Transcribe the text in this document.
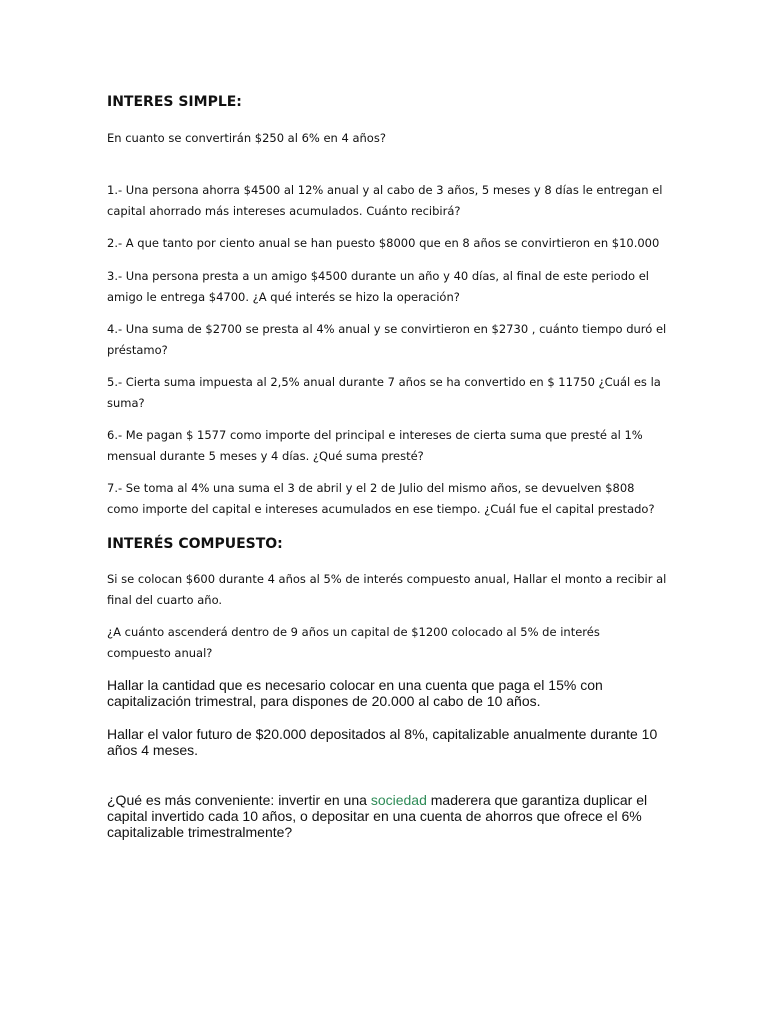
INTERES SIMPLE:

En cuanto se convertirán $250 al 6% en 4 años?

1.- Una persona ahorra $4500 al 12% anual y al cabo de 3 años, 5 meses y 8 días le entregan el capital ahorrado más intereses acumulados. Cuánto recibirá?

2.- A que tanto por ciento anual se han puesto $8000 que en 8 años se convirtieron en $10.000

3.- Una persona presta a un amigo $4500 durante un año y 40 días, al final de este periodo el amigo le entrega $4700. ¿A qué interés se hizo la operación?

4.- Una suma de $2700 se presta al 4% anual y se convirtieron en $2730 , cuánto tiempo duró el préstamo?

5.- Cierta suma impuesta al 2,5% anual durante 7 años se ha convertido en $ 11750 ¿Cuál es la suma?

6.- Me pagan $ 1577 como importe del principal e intereses de cierta suma que presté al 1% mensual durante 5 meses y 4 días. ¿Qué suma presté?

7.- Se toma al 4% una suma el 3 de abril y el 2 de Julio del mismo años, se devuelven $808 como importe del capital e intereses acumulados en ese tiempo. ¿Cuál fue el capital prestado?

INTERÉS COMPUESTO:

Si se colocan $600 durante 4 años al 5% de interés compuesto anual, Hallar el monto a recibir al final del cuarto año.

¿A cuánto ascenderá dentro de 9 años un capital de $1200 colocado al 5% de interés compuesto anual?

Hallar la cantidad que es necesario colocar en una cuenta que paga el 15% con capitalización trimestral, para dispones de 20.000 al cabo de 10 años.

Hallar el valor futuro de $20.000 depositados al 8%, capitalizable anualmente durante 10 años 4 meses.

¿Qué es más conveniente: invertir en una sociedad maderera que garantiza duplicar el capital invertido cada 10 años, o depositar en una cuenta de ahorros que ofrece el 6% capitalizable trimestralmente?
